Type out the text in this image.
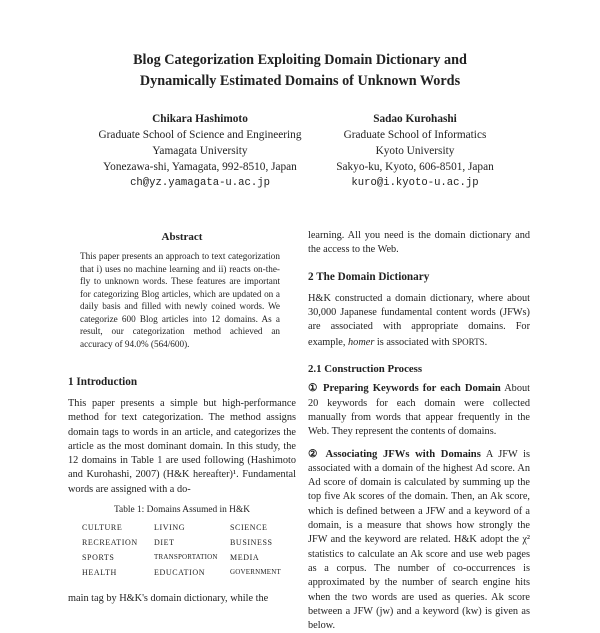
Blog Categorization Exploiting Domain Dictionary and
Dynamically Estimated Domains of Unknown Words
Chikara Hashimoto
Graduate School of Science and Engineering
Yamagata University
Yonezawa-shi, Yamagata, 992-8510, Japan
ch@yz.yamagata-u.ac.jp
Sadao Kurohashi
Graduate School of Informatics
Kyoto University
Sakyo-ku, Kyoto, 606-8501, Japan
kuro@i.kyoto-u.ac.jp
Abstract
This paper presents an approach to text categorization that i) uses no machine learning and ii) reacts on-the-fly to unknown words. These features are important for categorizing Blog articles, which are updated on a daily basis and filled with newly coined words. We categorize 600 Blog articles into 12 domains. As a result, our categorization method achieved an accuracy of 94.0% (564/600).
1 Introduction
This paper presents a simple but high-performance method for text categorization. The method assigns domain tags to words in an article, and categorizes the article as the most dominant domain. In this study, the 12 domains in Table 1 are used following (Hashimoto and Kurohashi, 2007) (H&K hereafter)¹. Fundamental words are assigned with a do-
Table 1: Domains Assumed in H&K
CULTURE	LIVING	SCIENCE
RECREATION	DIET	BUSINESS
SPORTS	TRANSPORTATION	MEDIA
HEALTH	EDUCATION	GOVERNMENT
main tag by H&K's domain dictionary, while the
learning. All you need is the domain dictionary and the access to the Web.
2 The Domain Dictionary
H&K constructed a domain dictionary, where about 30,000 Japanese fundamental content words (JFWs) are associated with appropriate domains. For example, homer is associated with SPORTS.
2.1 Construction Process
① Preparing Keywords for each Domain About 20 keywords for each domain were collected manually from words that appear frequently in the Web. They represent the contents of domains.
② Associating JFWs with Domains A JFW is associated with a domain of the highest Ad score. An Ad score of domain is calculated by summing up the top five Ak scores of the domain. Then, an Ak score, which is defined between a JFW and a keyword of a domain, is a measure that shows how strongly the JFW and the keyword are related. H&K adopt the χ² statistics to calculate an Ak score and use web pages as a corpus. The number of co-occurrences is approximated by the number of search engine hits when the two words are used as queries. Ak score between a JFW (jw) and a keyword (kw) is given as below.
